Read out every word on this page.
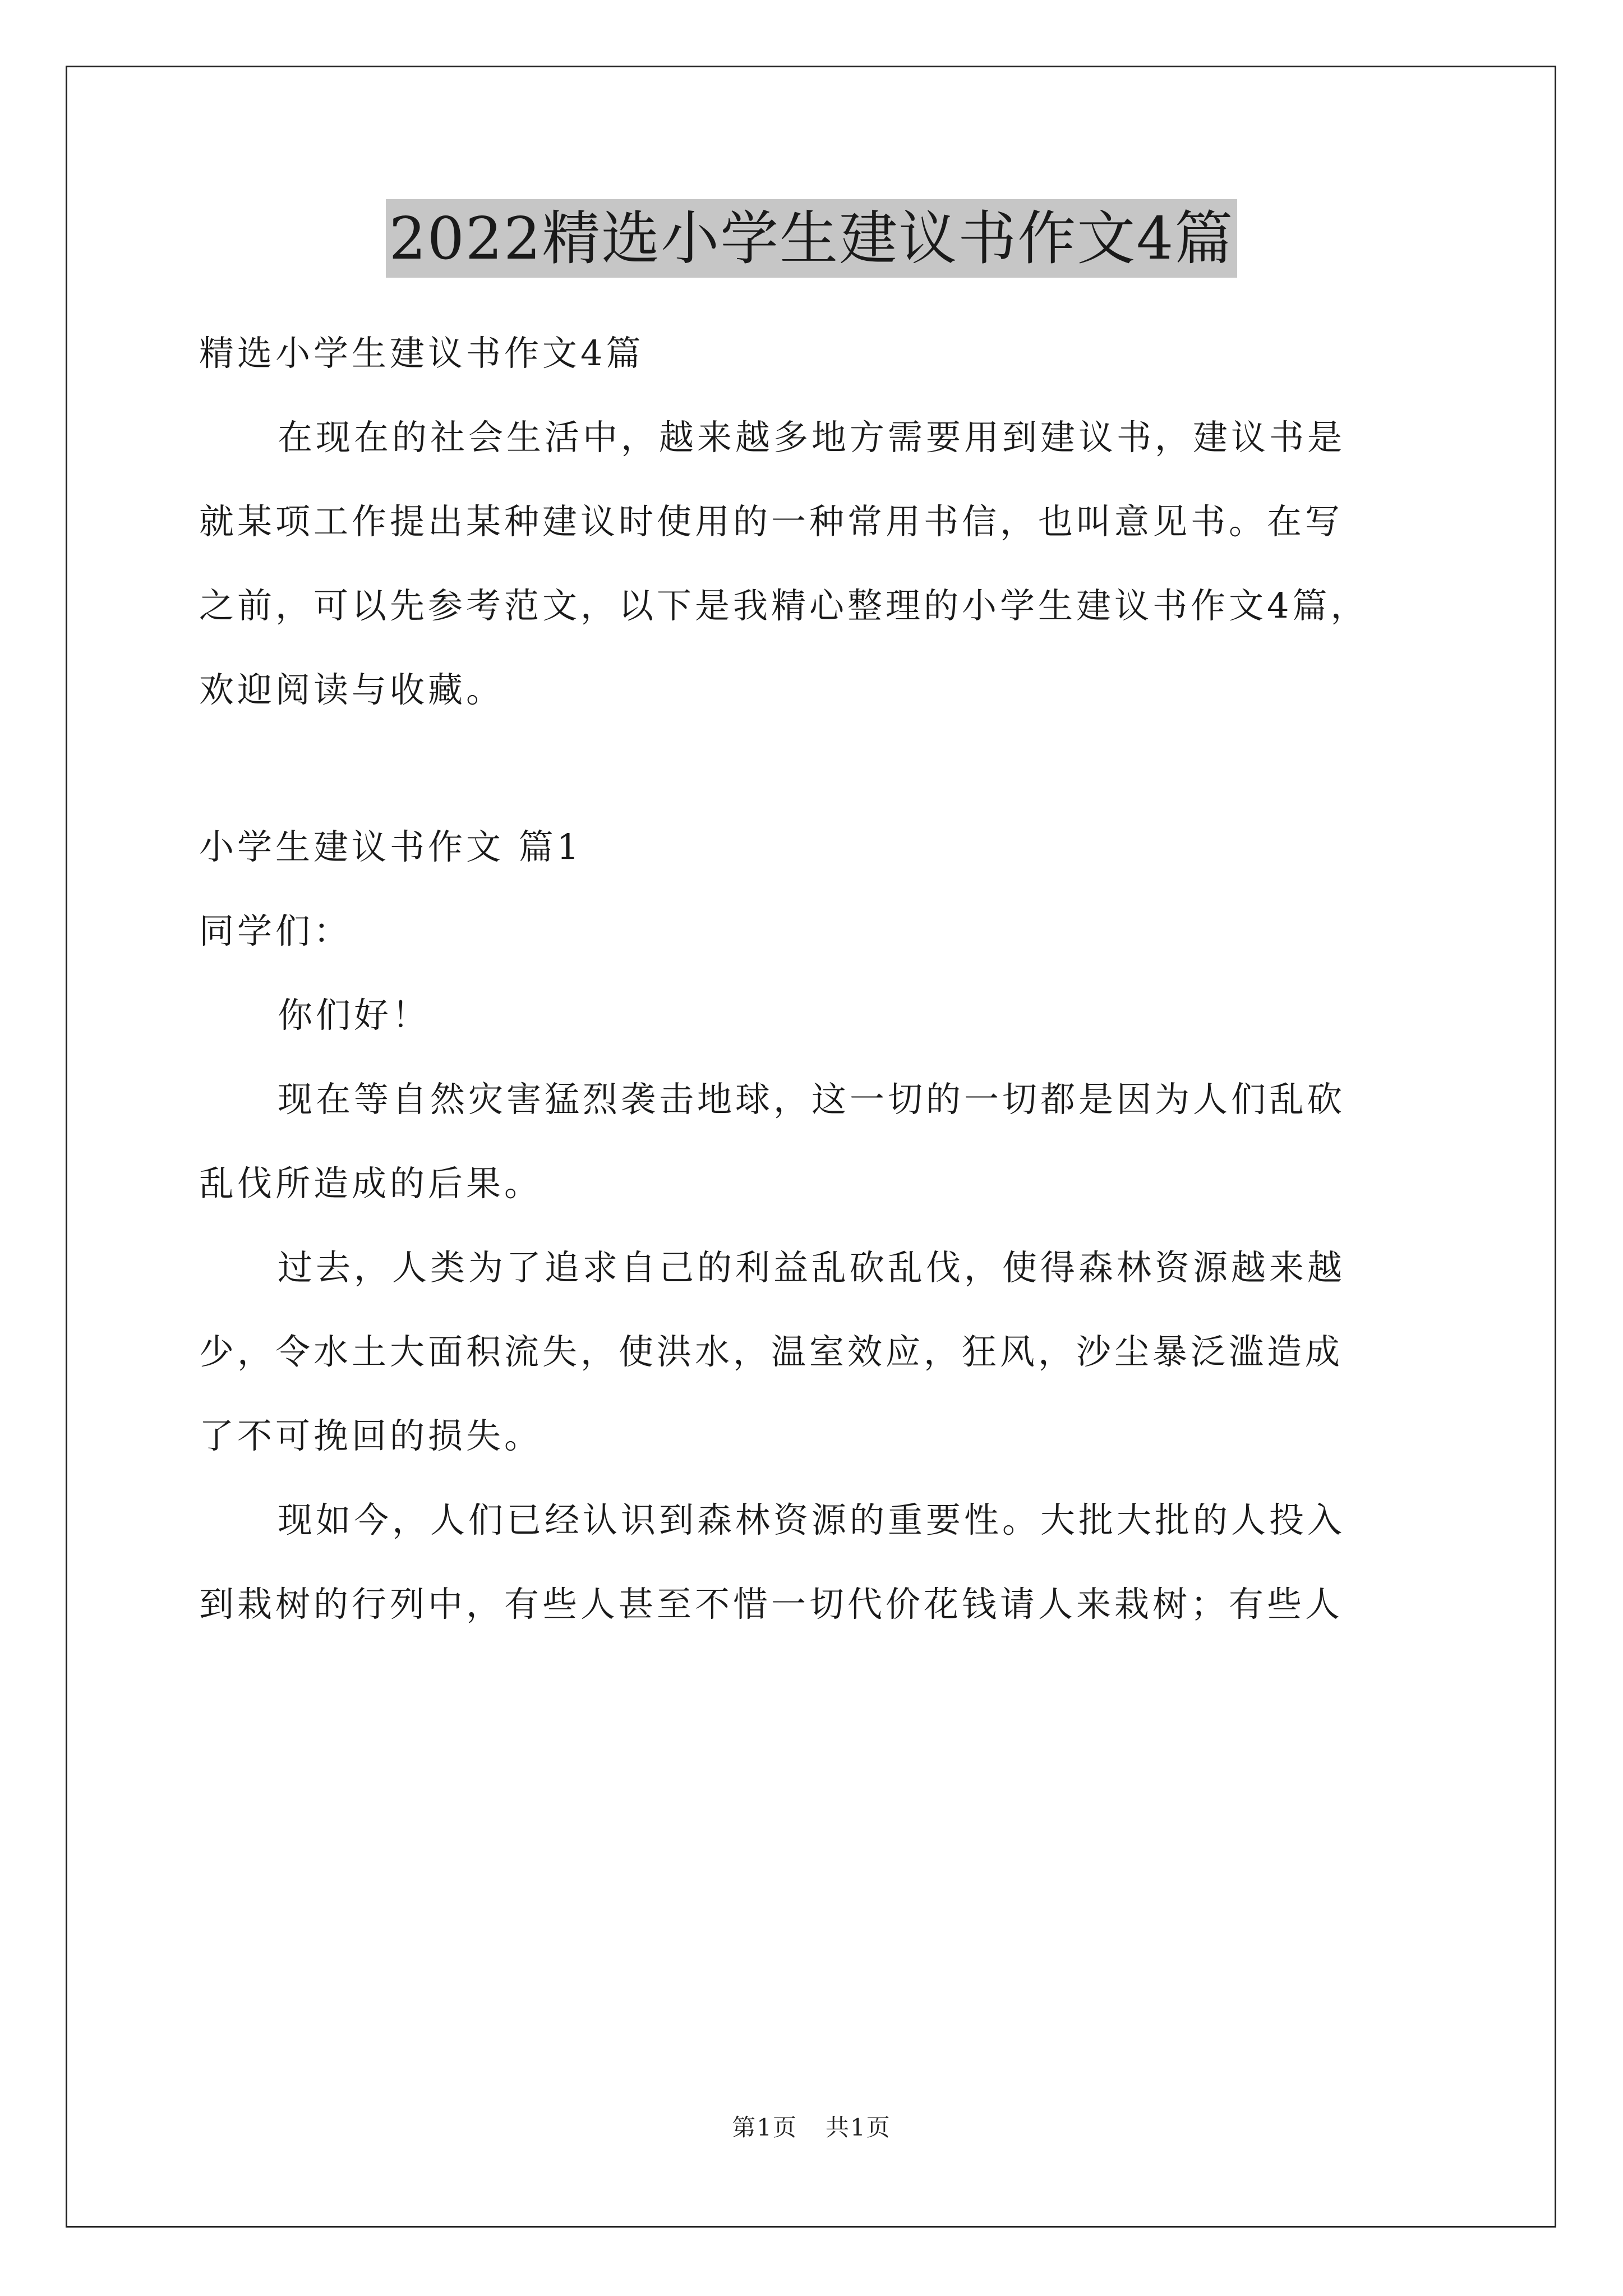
2022精选小学生建议书作文4篇
精选小学生建议书作文4篇
在现在的社会生活中，越来越多地方需要用到建议书，建议书是
就某项工作提出某种建议时使用的一种常用书信，也叫意见书。在写
之前，可以先参考范文，以下是我精心整理的小学生建议书作文4篇，
欢迎阅读与收藏。
小学生建议书作文 篇1
同学们：
你们好！
现在等自然灾害猛烈袭击地球，这一切的一切都是因为人们乱砍
乱伐所造成的后果。
过去，人类为了追求自己的利益乱砍乱伐，使得森林资源越来越
少，令水土大面积流失，使洪水，温室效应，狂风，沙尘暴泛滥造成
了不可挽回的损失。
现如今，人们已经认识到森林资源的重要性。大批大批的人投入
到栽树的行列中，有些人甚至不惜一切代价花钱请人来栽树；有些人
第1页 共1页
